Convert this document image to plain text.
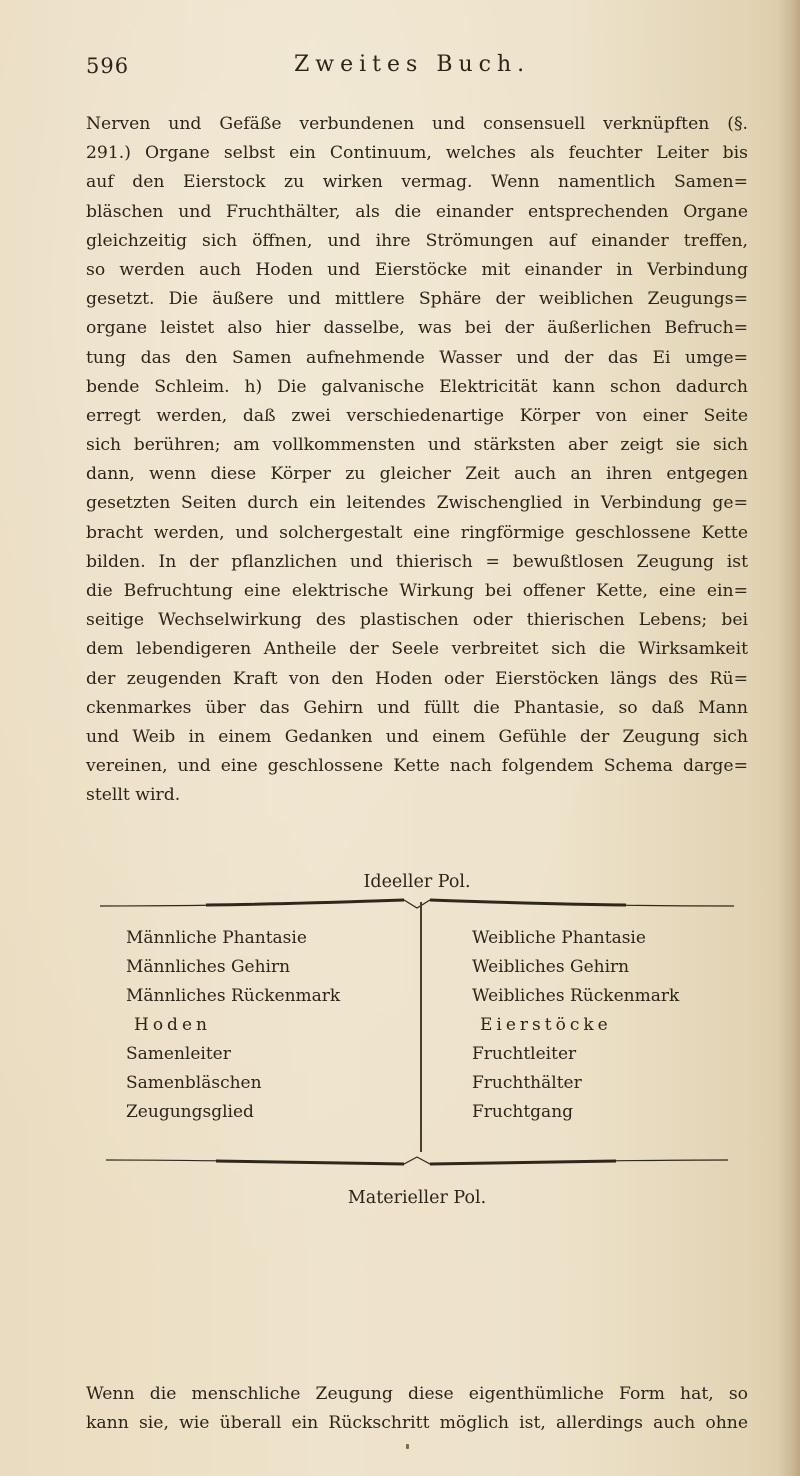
596	Zweites Buch.
Nerven und Gefäße verbundenen und consensuell verknüpften (§.
291.) Organe selbst ein Continuum, welches als feuchter Leiter bis
auf den Eierstock zu wirken vermag. Wenn namentlich Samen=
bläschen und Fruchthälter, als die einander entsprechenden Organe
gleichzeitig sich öffnen, und ihre Strömungen auf einander treffen,
so werden auch Hoden und Eierstöcke mit einander in Verbindung
gesetzt. Die äußere und mittlere Sphäre der weiblichen Zeugungs=
organe leistet also hier dasselbe, was bei der äußerlichen Befruch=
tung das den Samen aufnehmende Wasser und der das Ei umge=
bende Schleim. h) Die galvanische Elektricität kann schon dadurch
erregt werden, daß zwei verschiedenartige Körper von einer Seite
sich berühren; am vollkommensten und stärksten aber zeigt sie sich
dann, wenn diese Körper zu gleicher Zeit auch an ihren entgegen
gesetzten Seiten durch ein leitendes Zwischenglied in Verbindung ge=
bracht werden, und solchergestalt eine ringförmige geschlossene Kette
bilden. In der pflanzlichen und thierisch = bewußtlosen Zeugung ist
die Befruchtung eine elektrische Wirkung bei offener Kette, eine ein=
seitige Wechselwirkung des plastischen oder thierischen Lebens; bei
dem lebendigeren Antheile der Seele verbreitet sich die Wirksamkeit
der zeugenden Kraft von den Hoden oder Eierstöcken längs des Rü=
ckenmarkes über das Gehirn und füllt die Phantasie, so daß Mann
und Weib in einem Gedanken und einem Gefühle der Zeugung sich
vereinen, und eine geschlossene Kette nach folgendem Schema darge=
stellt wird.
Ideeller Pol.
Männliche Phantasie
Männliches Gehirn
Männliches Rückenmark
Hoden
Samenleiter
Samenbläschen
Zeugungsglied
Weibliche Phantasie
Weibliches Gehirn
Weibliches Rückenmark
Eierstöcke
Fruchtleiter
Fruchthälter
Fruchtgang
Materieller Pol.
Wenn die menschliche Zeugung diese eigenthümliche Form hat, so
kann sie, wie überall ein Rückschritt möglich ist, allerdings auch ohne
